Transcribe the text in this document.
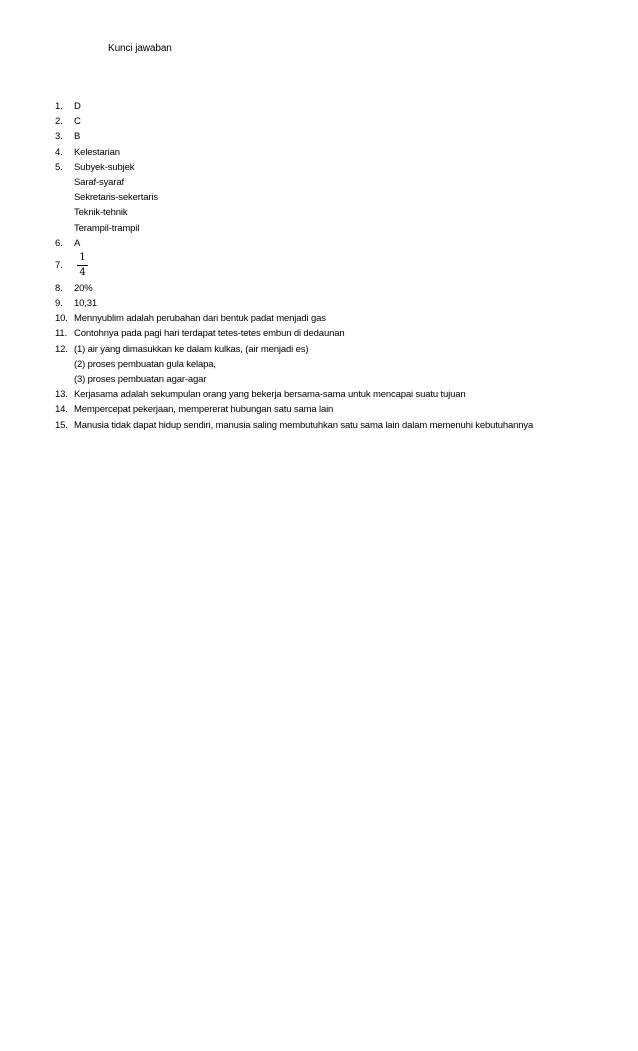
Kunci jawaban
1.	D
2.	C
3.	B
4.	Kelestarian
5.	Subyek-subjek
Saraf-syaraf
Sekretaris-sekertaris
Teknik-tehnik
Terampil-trampil
6.	A
7.	$\frac{1}{4}$
8.	20%
9.	10,31
10. Mennyublim adalah perubahan dari bentuk padat menjadi gas
11. Contohnya pada pagi hari terdapat tetes-tetes embun di dedaunan
12. (1) air yang dimasukkan ke dalam kulkas, (air menjadi es)
(2) proses pembuatan gula kelapa,
(3) proses pembuatan agar-agar
13. Kerjasama adalah sekumpulan orang yang bekerja bersama-sama untuk mencapai suatu tujuan
14. Mempercepat pekerjaan, mempererat hubungan satu sama lain
15. Manusia tidak dapat hidup sendiri, manusia saling membutuhkan satu sama lain dalam memenuhi kebutuhannya
